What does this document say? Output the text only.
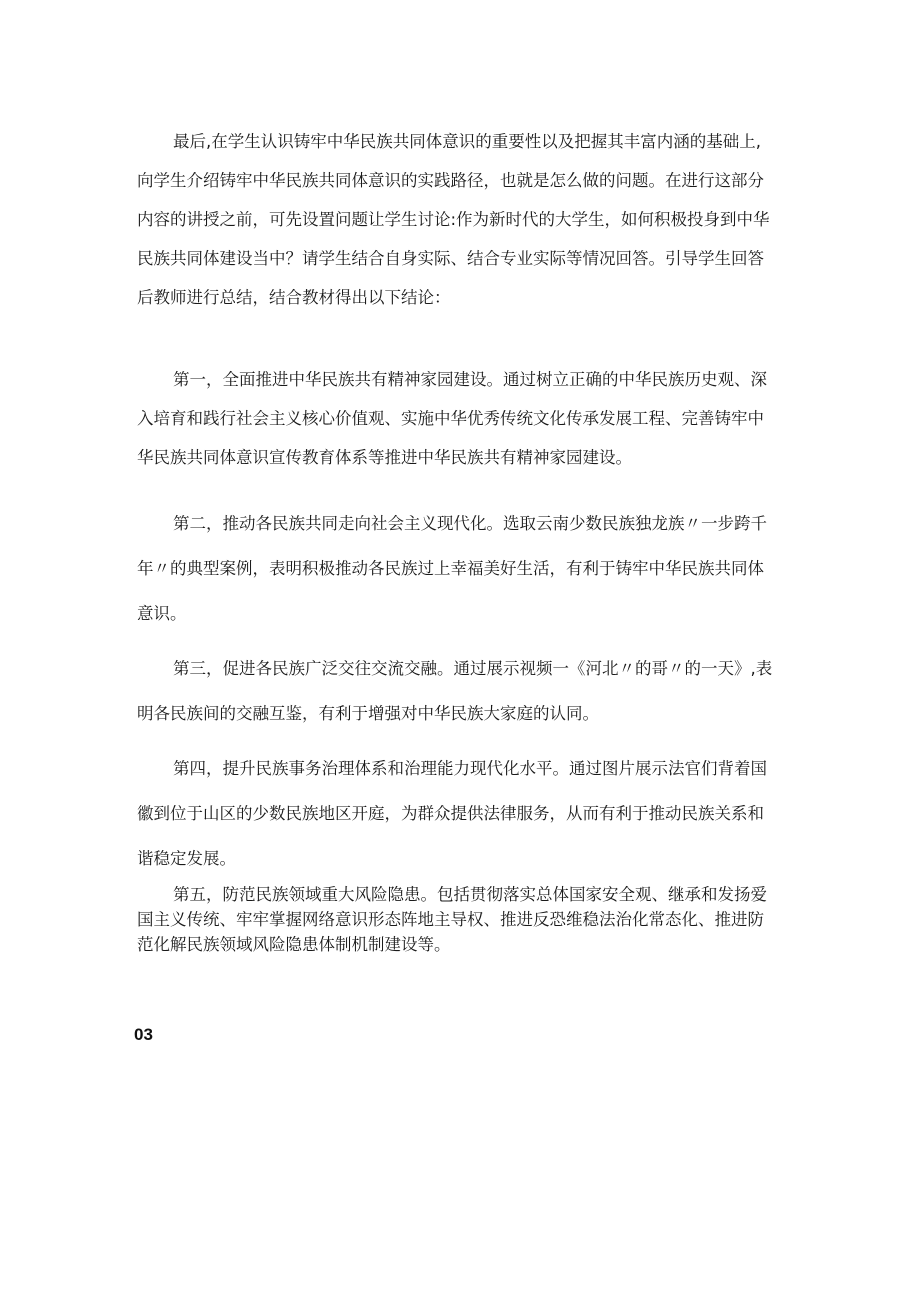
最后,在学生认识铸牢中华民族共同体意识的重要性以及把握其丰富内涵的基础上,
向学生介绍铸牢中华民族共同体意识的实践路径，也就是怎么做的问题。在进行这部分
内容的讲授之前，可先设置问题让学生讨论:作为新时代的大学生，如何积极投身到中华
民族共同体建设当中？请学生结合自身实际、结合专业实际等情况回答。引导学生回答
后教师进行总结，结合教材得出以下结论：

第一，全面推进中华民族共有精神家园建设。通过树立正确的中华民族历史观、深
入培育和践行社会主义核心价值观、实施中华优秀传统文化传承发展工程、完善铸牢中
华民族共同体意识宣传教育体系等推进中华民族共有精神家园建设。

第二，推动各民族共同走向社会主义现代化。选取云南少数民族独龙族〃一步跨千
年〃的典型案例，表明积极推动各民族过上幸福美好生活，有利于铸牢中华民族共同体
意识。

第三，促进各民族广泛交往交流交融。通过展示视频一《河北〃的哥〃的一天》,表
明各民族间的交融互鉴，有利于增强对中华民族大家庭的认同。

第四，提升民族事务治理体系和治理能力现代化水平。通过图片展示法官们背着国
徽到位于山区的少数民族地区开庭，为群众提供法律服务，从而有利于推动民族关系和
谐稳定发展。

第五，防范民族领域重大风险隐患。包括贯彻落实总体国家安全观、继承和发扬爱
国主义传统、牢牢掌握网络意识形态阵地主导权、推进反恐维稳法治化常态化、推进防
范化解民族领域风险隐患体制机制建设等。

03
